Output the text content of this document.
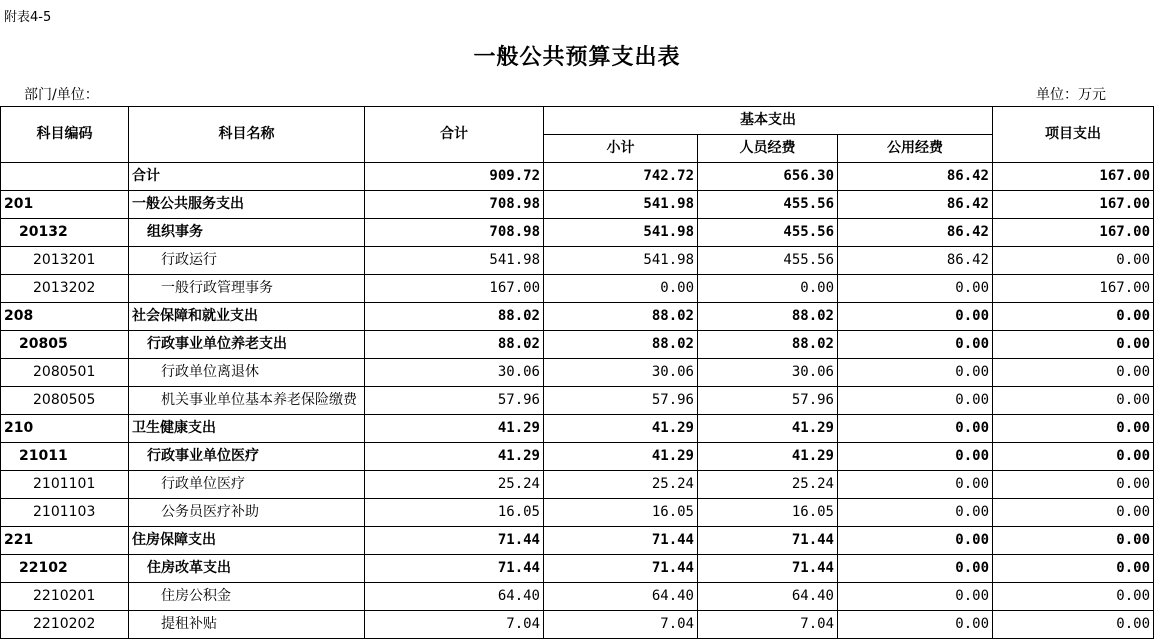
附表4-5
一般公共预算支出表
部门/单位：	单位：万元
科目编码	科目名称	合计	基本支出			项目支出
			小计	人员经费	公用经费	
	合计	909.72	742.72	656.30	86.42	167.00
201	一般公共服务支出	708.98	541.98	455.56	86.42	167.00
20132	组织事务	708.98	541.98	455.56	86.42	167.00
2013201	行政运行	541.98	541.98	455.56	86.42	0.00
2013202	一般行政管理事务	167.00	0.00	0.00	0.00	167.00
208	社会保障和就业支出	88.02	88.02	88.02	0.00	0.00
20805	行政事业单位养老支出	88.02	88.02	88.02	0.00	0.00
2080501	行政单位离退休	30.06	30.06	30.06	0.00	0.00
2080505	机关事业单位基本养老保险缴费	57.96	57.96	57.96	0.00	0.00
210	卫生健康支出	41.29	41.29	41.29	0.00	0.00
21011	行政事业单位医疗	41.29	41.29	41.29	0.00	0.00
2101101	行政单位医疗	25.24	25.24	25.24	0.00	0.00
2101103	公务员医疗补助	16.05	16.05	16.05	0.00	0.00
221	住房保障支出	71.44	71.44	71.44	0.00	0.00
22102	住房改革支出	71.44	71.44	71.44	0.00	0.00
2210201	住房公积金	64.40	64.40	64.40	0.00	0.00
2210202	提租补贴	7.04	7.04	7.04	0.00	0.00
